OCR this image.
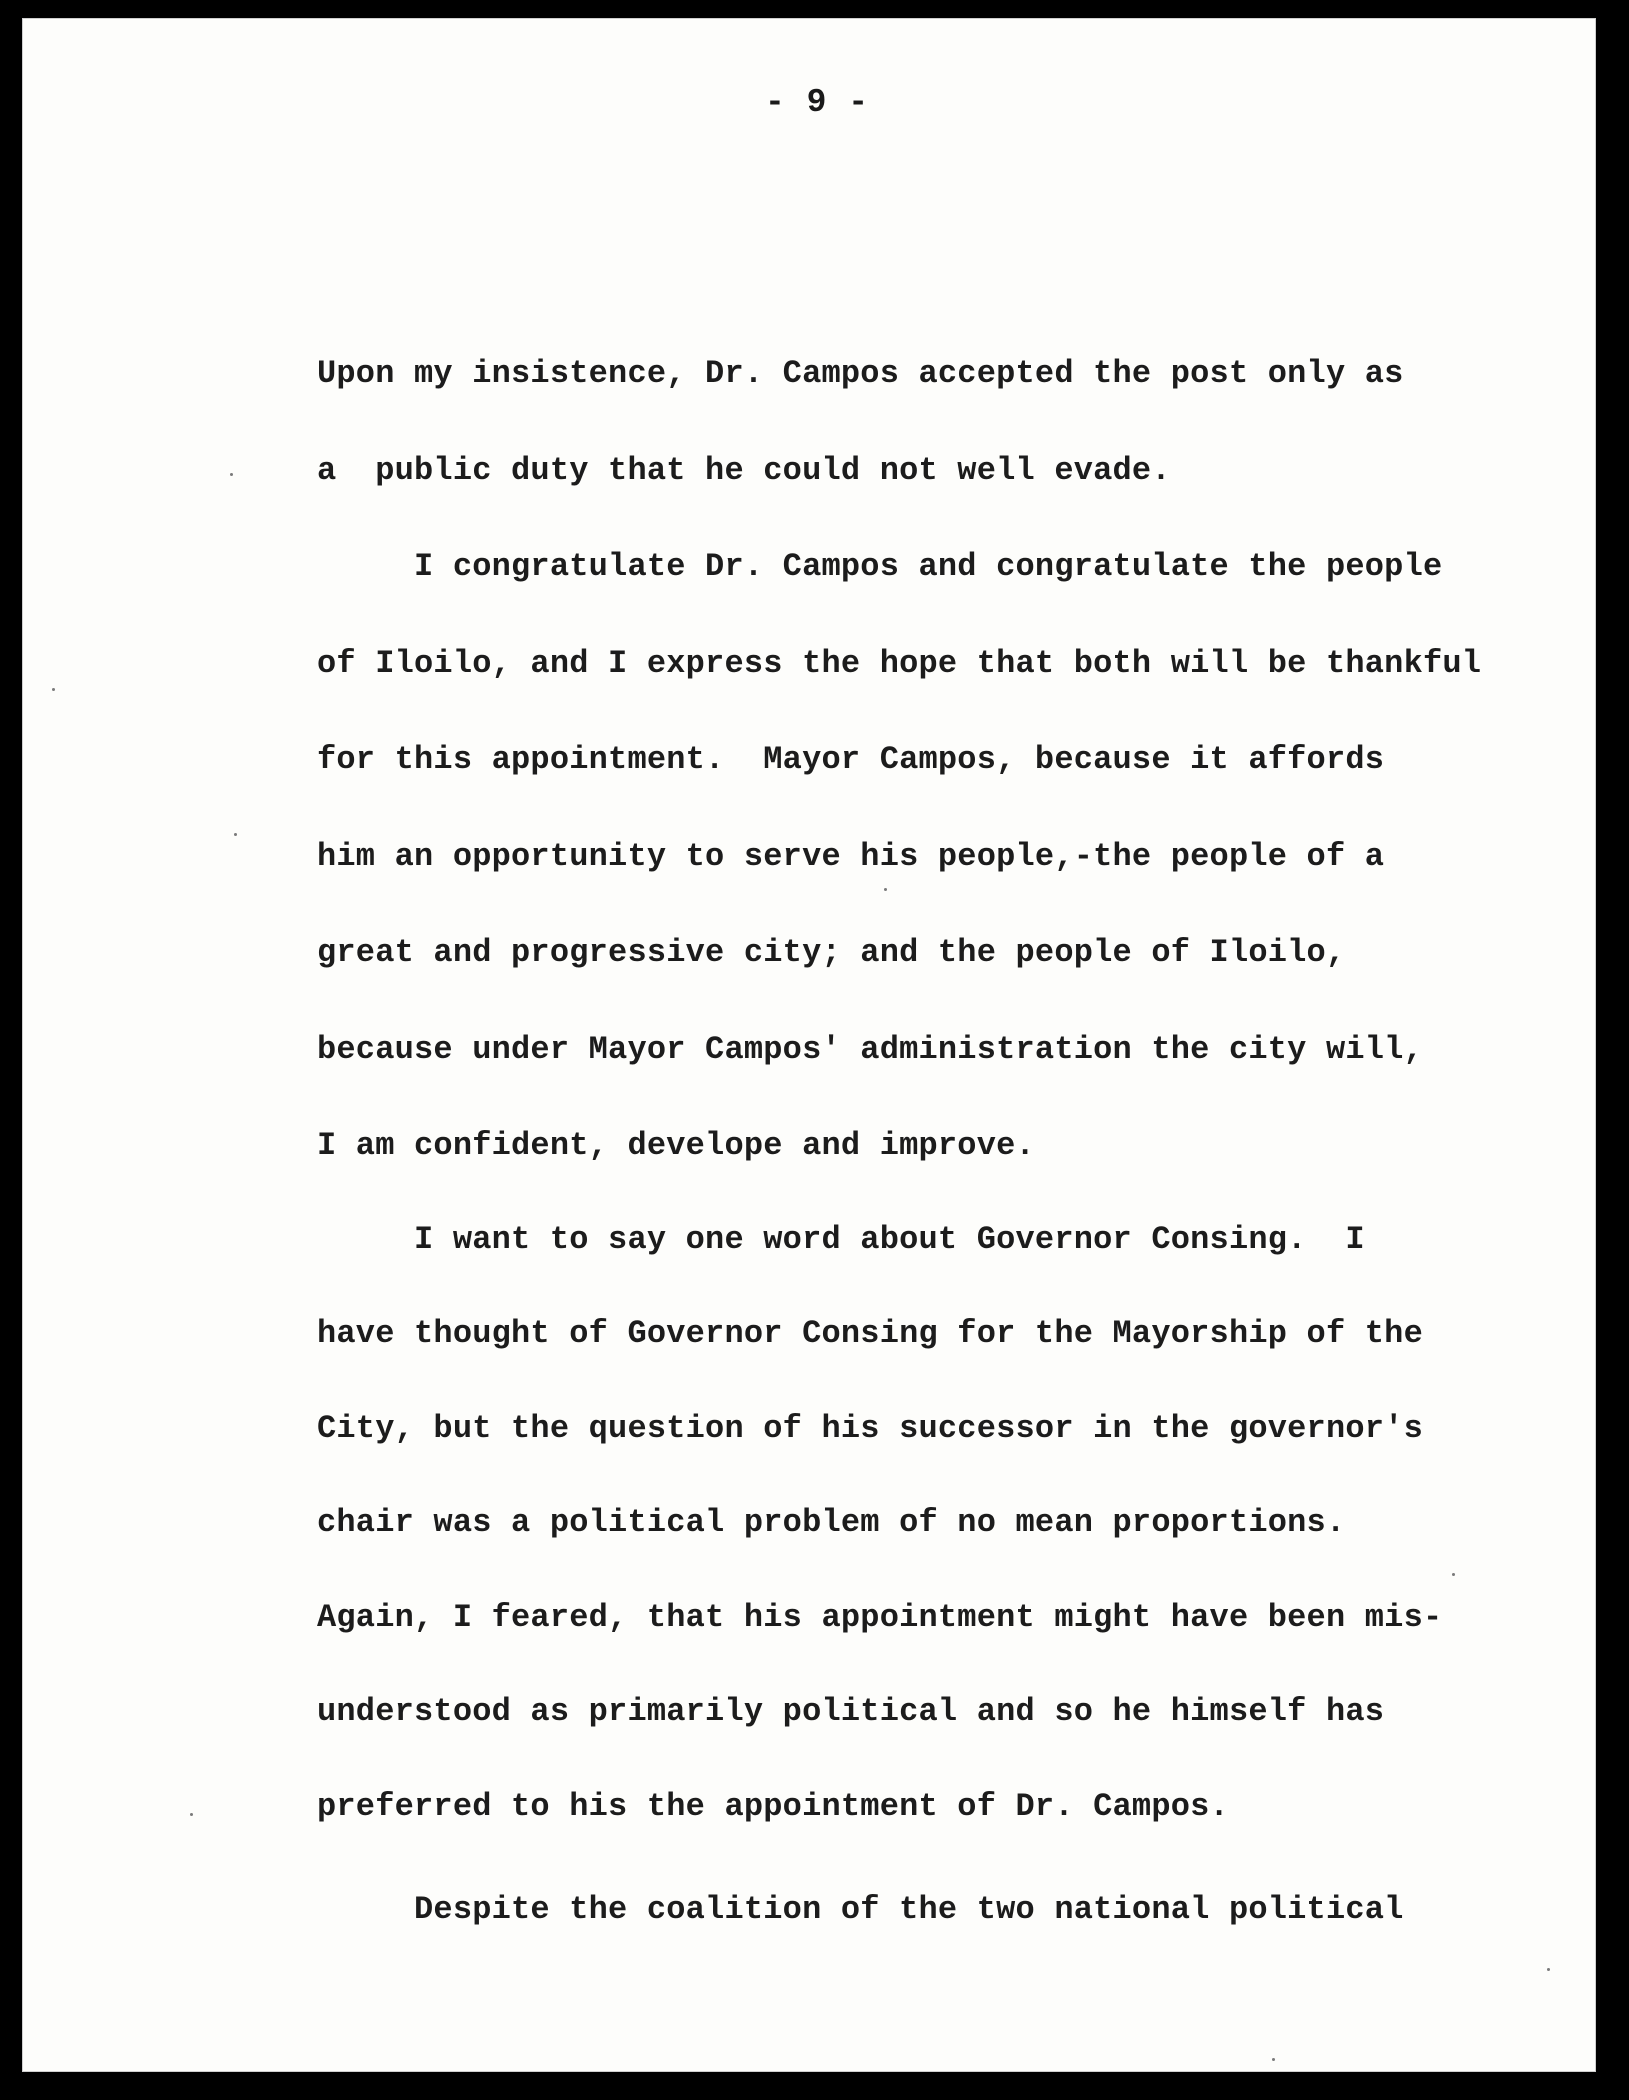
- 9 -
Upon my insistence, Dr. Campos accepted the post only as
a  public duty that he could not well evade.
I congratulate Dr. Campos and congratulate the people
of Iloilo, and I express the hope that both will be thankful
for this appointment.  Mayor Campos, because it affords
him an opportunity to serve his people,-the people of a
great and progressive city; and the people of Iloilo,
because under Mayor Campos' administration the city will,
I am confident, develope and improve.
I want to say one word about Governor Consing.  I
have thought of Governor Consing for the Mayorship of the
City, but the question of his successor in the governor's
chair was a political problem of no mean proportions.
Again, I feared, that his appointment might have been mis-
understood as primarily political and so he himself has
preferred to his the appointment of Dr. Campos.
Despite the coalition of the two national political
